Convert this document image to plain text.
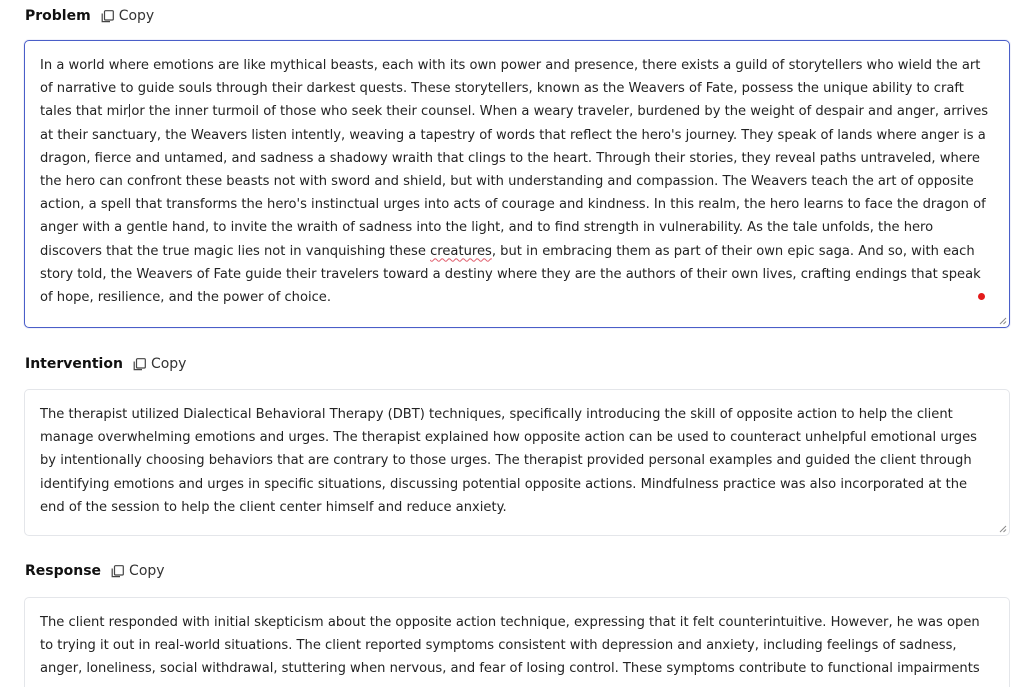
Problem Copy
In a world where emotions are like mythical beasts, each with its own power and presence, there exists a guild of storytellers who wield the art of narrative to guide souls through their darkest quests. These storytellers, known as the Weavers of Fate, possess the unique ability to craft tales that mir or the inner turmoil of those who seek their counsel. When a weary traveler, burdened by the weight of despair and anger, arrives at their sanctuary, the Weavers listen intently, weaving a tapestry of words that reflect the hero's journey. They speak of lands where anger is a dragon, fierce and untamed, and sadness a shadowy wraith that clings to the heart. Through their stories, they reveal paths untraveled, where the hero can confront these beasts not with sword and shield, but with understanding and compassion. The Weavers teach the art of opposite action, a spell that transforms the hero's instinctual urges into acts of courage and kindness. In this realm, the hero learns to face the dragon of anger with a gentle hand, to invite the wraith of sadness into the light, and to find strength in vulnerability. As the tale unfolds, the hero discovers that the true magic lies not in vanquishing these creatures, but in embracing them as part of their own epic saga. And so, with each story told, the Weavers of Fate guide their travelers toward a destiny where they are the authors of their own lives, crafting endings that speak of hope, resilience, and the power of choice.
Intervention Copy
The therapist utilized Dialectical Behavioral Therapy (DBT) techniques, specifically introducing the skill of opposite action to help the client manage overwhelming emotions and urges. The therapist explained how opposite action can be used to counteract unhelpful emotional urges by intentionally choosing behaviors that are contrary to those urges. The therapist provided personal examples and guided the client through identifying emotions and urges in specific situations, discussing potential opposite actions. Mindfulness practice was also incorporated at the end of the session to help the client center himself and reduce anxiety.
Response Copy
The client responded with initial skepticism about the opposite action technique, expressing that it felt counterintuitive. However, he was open to trying it out in real-world situations. The client reported symptoms consistent with depression and anxiety, including feelings of sadness, anger, loneliness, social withdrawal, stuttering when nervous, and fear of losing control. These symptoms contribute to functional impairments
